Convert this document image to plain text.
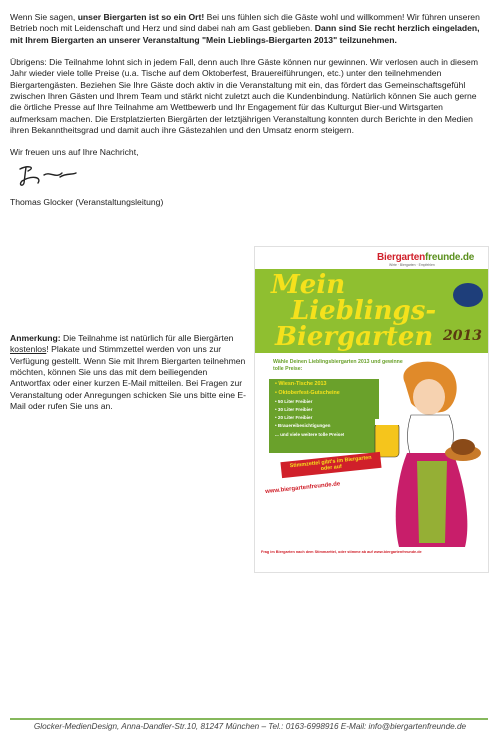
Wenn Sie sagen, unser Biergarten ist so ein Ort! Bei uns fühlen sich die Gäste wohl und willkommen! Wir führen unseren Betrieb noch mit Leidenschaft und Herz und sind dabei nah am Gast geblieben. Dann sind Sie recht herzlich eingeladen, mit Ihrem Biergarten an unserer Veranstaltung "Mein Lieblings-Biergarten 2013" teilzunehmen.

Übrigens: Die Teilnahme lohnt sich in jedem Fall, denn auch Ihre Gäste können nur gewinnen. Wir verlosen auch in diesem Jahr wieder viele tolle Preise (u.a. Tische auf dem Oktoberfest, Brauereiführungen, etc.) unter den teilnehmenden Biergartengästen. Beziehen Sie Ihre Gäste doch aktiv in die Veranstaltung mit ein, das fördert das Gemeinschaftsgefühl zwischen Ihren Gästen und Ihrem Team und stärkt nicht zuletzt auch die Kundenbindung. Natürlich können Sie auch gerne die örtliche Presse auf Ihre Teilnahme am Wettbewerb und Ihr Engagement für das Kulturgut Bier-und Wirtsgarten aufmerksam machen. Die Erstplatzierten Biergärten der letztjährigen Veranstaltung konnten durch Berichte in den Medien ihren Bekanntheitsgrad und damit auch ihre Gästezahlen und den Umsatz enorm steigern.

Wir freuen uns auf Ihre Nachricht,
Thomas Glocker (Veranstaltungsleitung)
Anmerkung: Die Teilnahme ist natürlich für alle Biergärten kostenlos! Plakate und Stimmzettel werden von uns zur Verfügung gestellt. Wenn Sie mit Ihrem Biergarten teilnehmen möchten, können Sie uns das mit dem beiliegenden Antwortfax oder einer kurzen E-Mail mitteilen. Bei Fragen zur Veranstaltung oder Anregungen schicken Sie uns bitte eine E-Mail oder rufen Sie uns an.
Biergartenfreunde.de
Wirte · Biergarten · Empfehlen
Mein
Lieblings-
Biergarten 2013
Wähle Deinen Lieblingsbiergarten 2013 und gewinne tolle Preise:
• Wiesn-Tische 2013
• Oktoberfest-Gutscheine
• 50 Liter Freibier
• 30 Liter Freibier
• 20 Liter Freibier
• Brauereibesichtigungen
... und viele weitere tolle Preise!
Stimmzettel gibt's im Biergarten oder auf
www.biergartenfreunde.de
Frag im Biergarten nach dem Stimmzettel, oder stimme ab auf www.biergartenfreunde.de
Glocker-MedienDesign, Anna-Dandler-Str.10, 81247 München – Tel.: 0163-6998916 E-Mail: info@biergartenfreunde.de
